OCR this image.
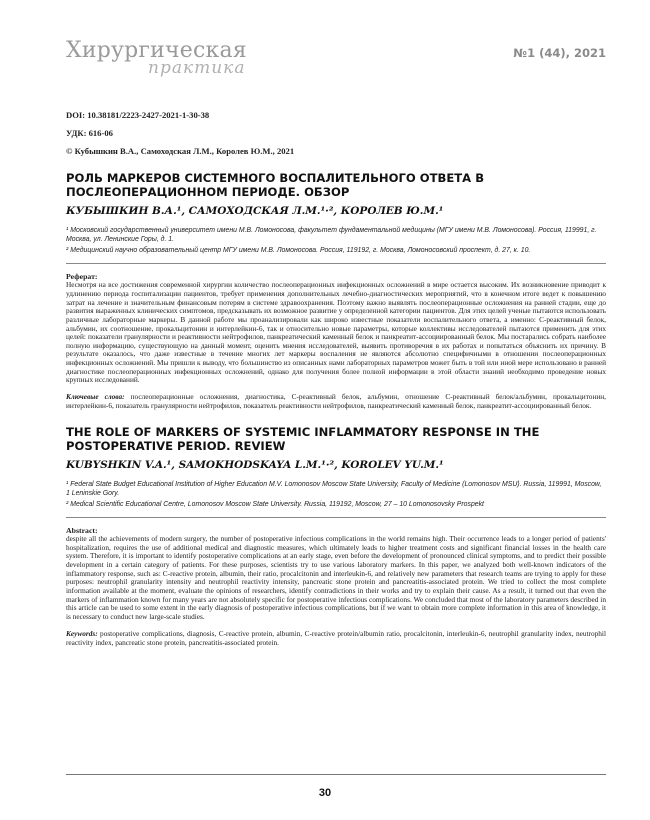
Хирургическая
практика
№1 (44), 2021
DOI: 10.38181/2223-2427-2021-1-30-38
УДК: 616-06
© Кубышкин В.А., Самоходская Л.М., Королев Ю.М., 2021
РОЛЬ МАРКЕРОВ СИСТЕМНОГО ВОСПАЛИТЕЛЬНОГО ОТВЕТА В ПОСЛЕОПЕРАЦИОННОМ ПЕРИОДЕ. ОБЗОР
КУБЫШКИН В.А.¹, САМОХОДСКАЯ Л.М.¹·², КОРОЛЕВ Ю.М.¹
¹ Московский государственный университет имени М.В. Ломоносова, факультет фундаментальной медицины (МГУ имени М.В. Ломоносова). Россия, 119991, г. Москва, ул. Ленинские Горы, д. 1.
² Медицинский научно образовательный центр МГУ имени М.В. Ломоносова. Россия, 119192, г. Москва, Ломоносовский проспект, д. 27, к. 10.
Реферат:
Несмотря на все достижения современной хирургии количество послеоперационных инфекционных осложнений в мире остается высоким. Их возникновение приводит к удлинению периода госпитализации пациентов, требует применения дополнительных лечебно-диагностических мероприятий, что в конечном итоге ведет к повышению затрат на лечение и значительным финансовым потерям в системе здравоохранения. Поэтому важно выявлять послеоперационные осложнения на ранней стадии, еще до развития выраженных клинических симптомов, предсказывать их возможное развитие у определенной категории пациентов. Для этих целей ученые пытаются использовать различные лабораторные маркеры. В данной работе мы проанализировали как широко известные показатели воспалительного ответа, а именно: С-реактивный белок, альбумин, их соотношение, прокальцитонин и интерлейкин-6, так и относительно новые параметры, которые коллективы исследователей пытаются применить для этих целей: показатели гранулярности и реактивности нейтрофилов, панкреатический каменный белок и панкреатит-ассоциированный белок. Мы постарались собрать наиболее полную информацию, существующую на данный момент, оценить мнения исследователей, выявить противоречия в их работах и попытаться объяснить их причину. В результате оказалось, что даже известные в течение многих лет маркеры воспаления не являются абсолютно специфичными в отношении послеоперационных инфекционных осложнений. Мы пришли к выводу, что большинство из описанных нами лабораторных параметров может быть в той или иной мере использовано в ранней диагностике послеоперационных инфекционных осложнений, однако для получения более полной информации в этой области знаний необходимо проведение новых крупных исследований.
Ключевые слова: послеоперационные осложнения, диагностика, С-реактивный белок, альбумин, отношение С-реактивный белок/альбумин, прокальцитонин, интерлейкин-6, показатель гранулярности нейтрофилов, показатель реактивности нейтрофилов, панкреатический каменный белок, панкреатит-ассоциированный белок.
THE ROLE OF MARKERS OF SYSTEMIC INFLAMMATORY RESPONSE IN THE POSTOPERATIVE PERIOD. REVIEW
KUBYSHKIN V.A.¹, SAMOKHODSKAYA L.M.¹·², KOROLEV YU.M.¹
¹ Federal State Budget Educational Institution of Higher Education M.V. Lomonosov Moscow State University, Faculty of Medicine (Lomonosov MSU). Russia, 119991, Moscow, 1 Leninskie Gory.
² Medical Scientific Educational Centre, Lomonosov Moscow State University. Russia, 119192, Moscow, 27 – 10 Lomonosovsky Prospekt
Abstract:
despite all the achievements of modern surgery, the number of postoperative infectious complications in the world remains high. Their occurrence leads to a longer period of patients' hospitalization, requires the use of additional medical and diagnostic measures, which ultimately leads to higher treatment costs and significant financial losses in the health care system. Therefore, it is important to identify postoperative complications at an early stage, even before the development of pronounced clinical symptoms, and to predict their possible development in a certain category of patients. For these purposes, scientists try to use various laboratory markers. In this paper, we analyzed both well-known indicators of the inflammatory response, such as: C-reactive protein, albumin, their ratio, procalcitonin and interleukin-6, and relatively new parameters that research teams are trying to apply for these purposes: neutrophil granularity intensity and neutrophil reactivity intensity, pancreatic stone protein and pancreatitis-associated protein. We tried to collect the most complete information available at the moment, evaluate the opinions of researchers, identify contradictions in their works and try to explain their cause. As a result, it turned out that even the markers of inflammation known for many years are not absolutely specific for postoperative infectious complications. We concluded that most of the laboratory parameters described in this article can be used to some extent in the early diagnosis of postoperative infectious complications, but if we want to obtain more complete information in this area of knowledge, it is necessary to conduct new large-scale studies.
Keywords: postoperative complications, diagnosis, C-reactive protein, albumin, C-reactive protein/albumin ratio, procalcitonin, interleukin-6, neutrophil granularity index, neutrophil reactivity index, pancreatic stone protein, pancreatitis-associated protein.
30
